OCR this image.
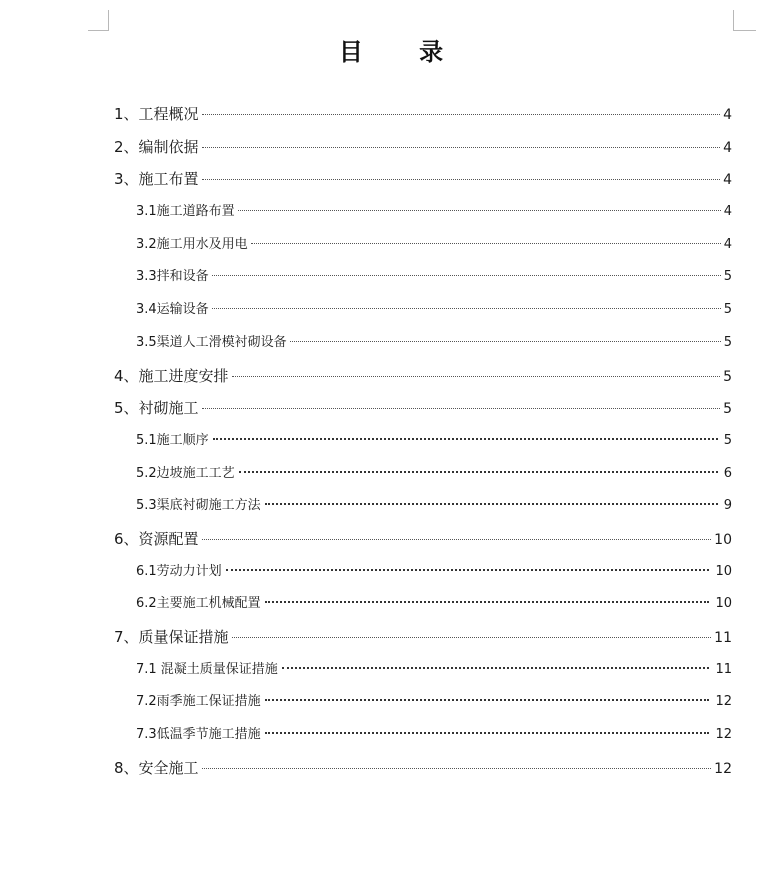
目 录
1、工程概况	4
2、编制依据	4
3、施工布置	4
3.1施工道路布置	4
3.2施工用水及用电	4
3.3拌和设备	5
3.4运输设备	5
3.5渠道人工滑模衬砌设备	5
4、施工进度安排	5
5、衬砌施工	5
5.1施工顺序	5
5.2边坡施工工艺	6
5.3渠底衬砌施工方法	9
6、资源配置	10
6.1劳动力计划	10
6.2主要施工机械配置	10
7、质量保证措施	11
7.1 混凝土质量保证措施	11
7.2雨季施工保证措施	12
7.3低温季节施工措施	12
8、安全施工	12
